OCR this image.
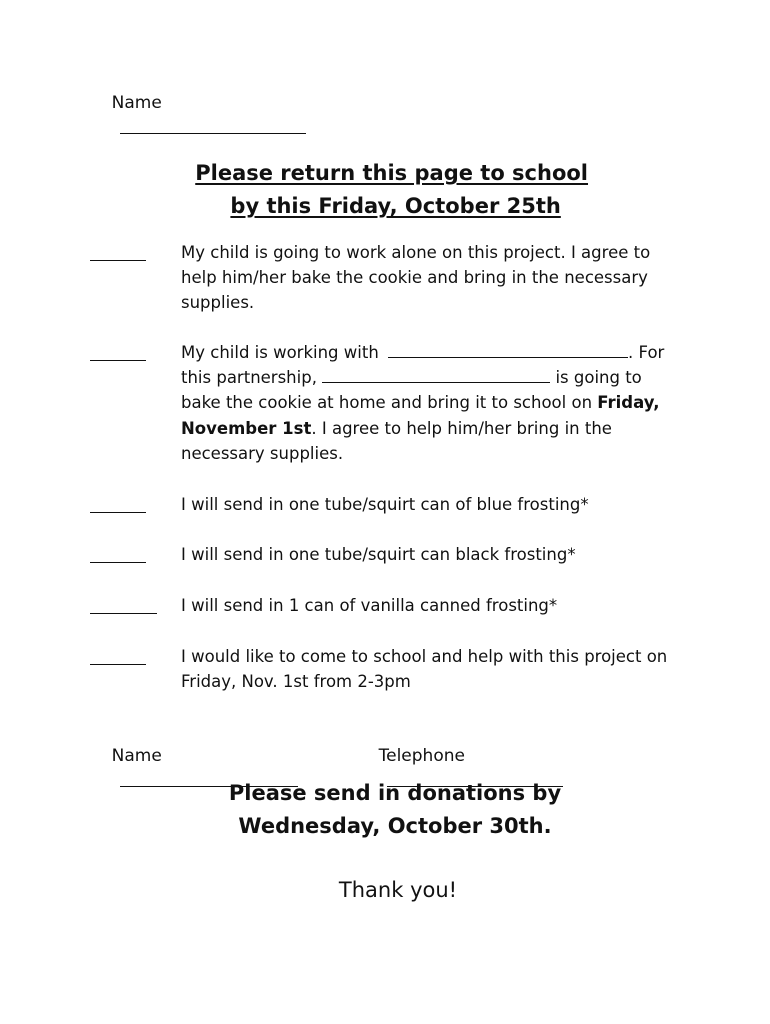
Name

Please return this page to school

by this Friday, October 25th

My child is going to work alone on this project. I agree to help him/her bake the cookie and bring in the necessary supplies.
My child is working with	. For this partnership,	is going to bake the cookie at home and bring it to school on Friday, November 1st. I agree to help him/her bring in the necessary supplies.
I will send in one tube/squirt can of blue frosting*
I will send in one tube/squirt can black frosting*
I will send in 1 can of vanilla canned frosting*
I would like to come to school and help with this project on Friday, Nov. 1st from 2-3pm

Name

	Telephone

Please send in donations by
Wednesday, October 30th.
Thank you!
